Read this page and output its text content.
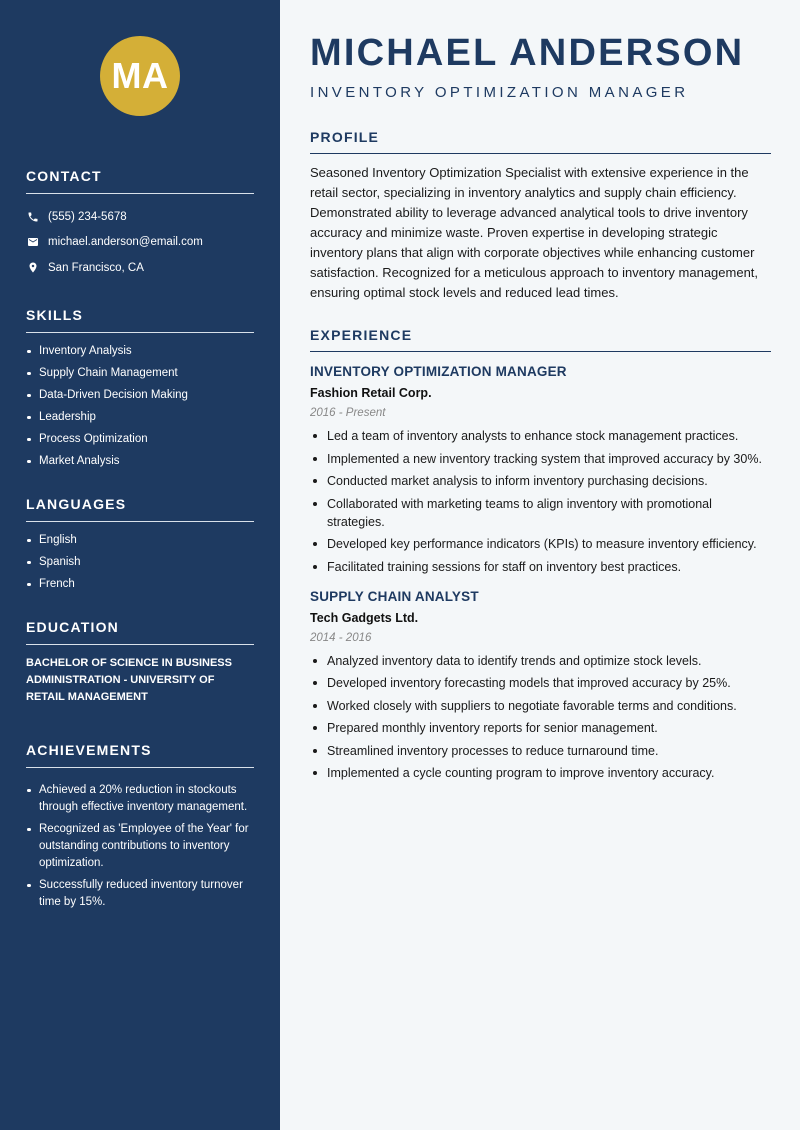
MA
CONTACT
(555) 234-5678
michael.anderson@email.com
San Francisco, CA
SKILLS
Inventory Analysis
Supply Chain Management
Data-Driven Decision Making
Leadership
Process Optimization
Market Analysis
LANGUAGES
English
Spanish
French
EDUCATION
BACHELOR OF SCIENCE IN BUSINESS ADMINISTRATION - UNIVERSITY OF RETAIL MANAGEMENT
ACHIEVEMENTS
Achieved a 20% reduction in stockouts through effective inventory management.
Recognized as 'Employee of the Year' for outstanding contributions to inventory optimization.
Successfully reduced inventory turnover time by 15%.
MICHAEL ANDERSON
INVENTORY OPTIMIZATION MANAGER
PROFILE

Seasoned Inventory Optimization Specialist with extensive experience in the retail sector, specializing in inventory analytics and supply chain efficiency. Demonstrated ability to leverage advanced analytical tools to drive inventory accuracy and minimize waste. Proven expertise in developing strategic inventory plans that align with corporate objectives while enhancing customer satisfaction. Recognized for a meticulous approach to inventory management, ensuring optimal stock levels and reduced lead times.

EXPERIENCE
INVENTORY OPTIMIZATION MANAGER
Fashion Retail Corp.
2016 - Present
Led a team of inventory analysts to enhance stock management practices.
Implemented a new inventory tracking system that improved accuracy by 30%.
Conducted market analysis to inform inventory purchasing decisions.
Collaborated with marketing teams to align inventory with promotional strategies.
Developed key performance indicators (KPIs) to measure inventory efficiency.
Facilitated training sessions for staff on inventory best practices.
SUPPLY CHAIN ANALYST
Tech Gadgets Ltd.
2014 - 2016
Analyzed inventory data to identify trends and optimize stock levels.
Developed inventory forecasting models that improved accuracy by 25%.
Worked closely with suppliers to negotiate favorable terms and conditions.
Prepared monthly inventory reports for senior management.
Streamlined inventory processes to reduce turnaround time.
Implemented a cycle counting program to improve inventory accuracy.
